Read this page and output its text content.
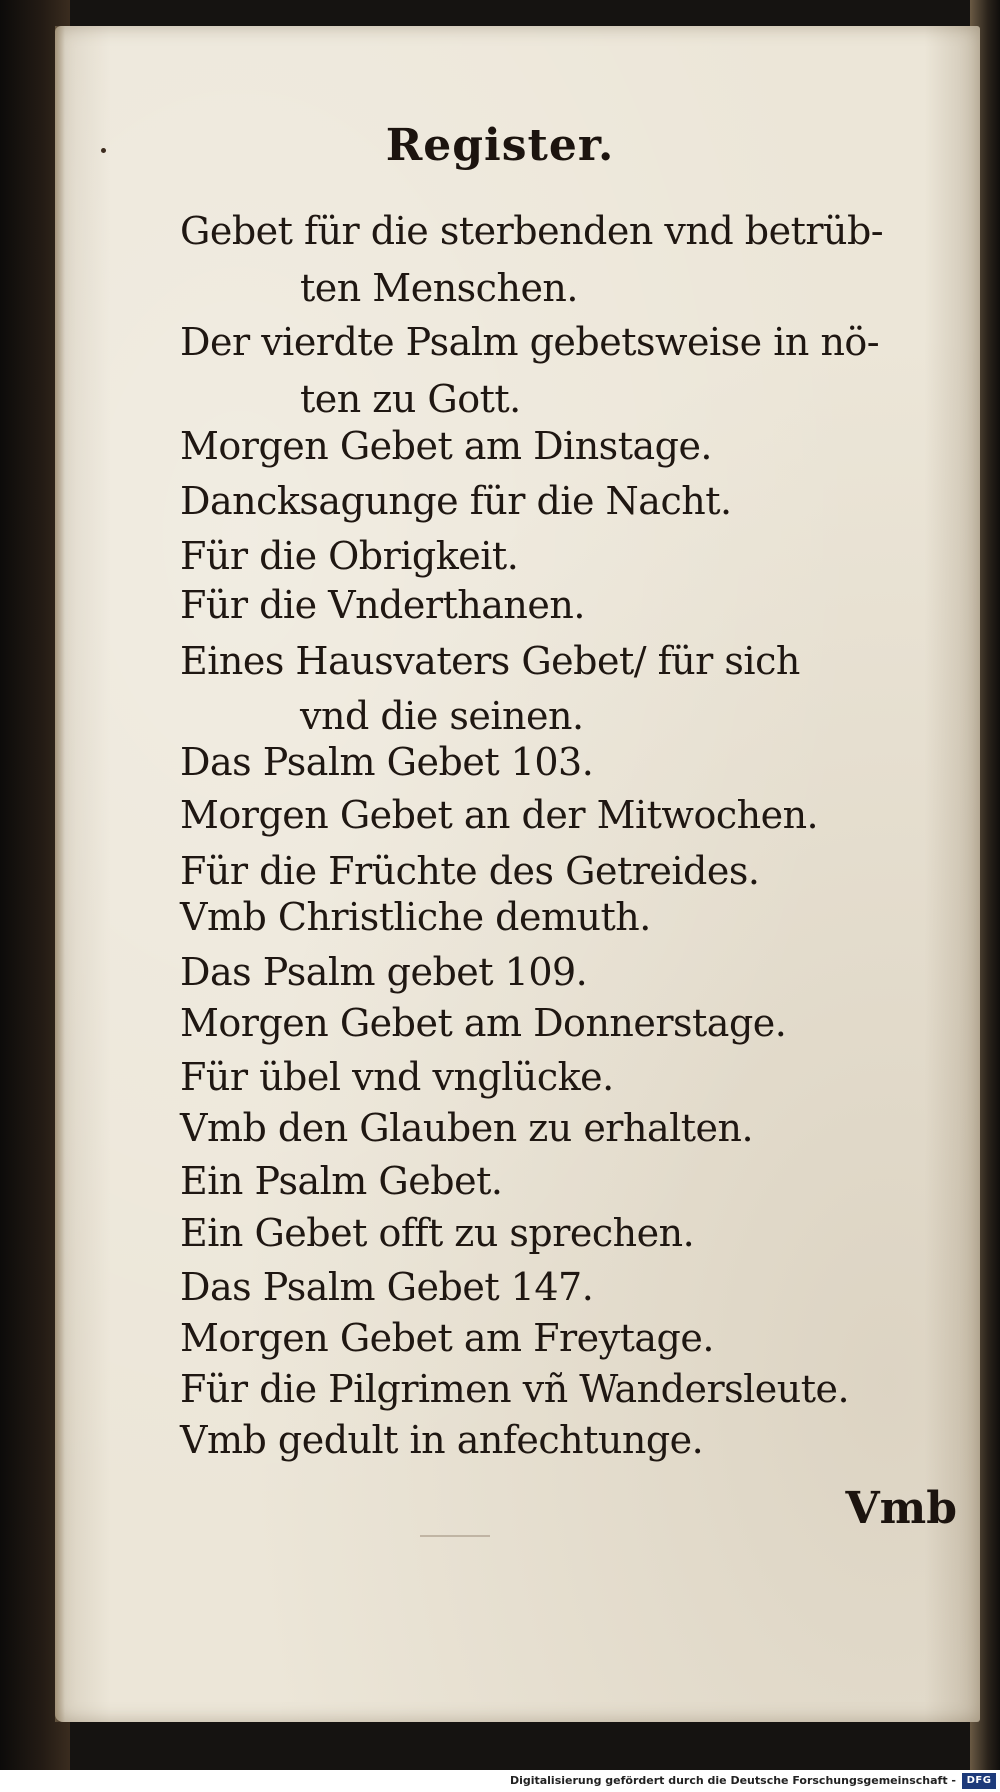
Register.

Gebet für die sterbenden vnd betrüb-

ten Menschen.

Der vierdte Psalm gebetsweise in nö-

ten zu Gott.

Morgen Gebet am Dinstage.

Dancksagunge für die Nacht.

Für die Obrigkeit.

Für die Vnderthanen.

Eines Hausvaters Gebet/ für sich

vnd die seinen.

Das Psalm Gebet 103.

Morgen Gebet an der Mitwochen.

Für die Früchte des Getreides.

Vmb Christliche demuth.

Das Psalm gebet 109.

Morgen Gebet am Donnerstage.

Für übel vnd vnglücke.

Vmb den Glauben zu erhalten.

Ein Psalm Gebet.

Ein Gebet offt zu sprechen.

Das Psalm Gebet 147.

Morgen Gebet am Freytage.

Für die Pilgrimen vñ Wandersleute.

Vmb gedult in anfechtunge.

Vmb

Digitalisierung gefördert durch die Deutsche Forschungsgemeinschaft -	DFG
